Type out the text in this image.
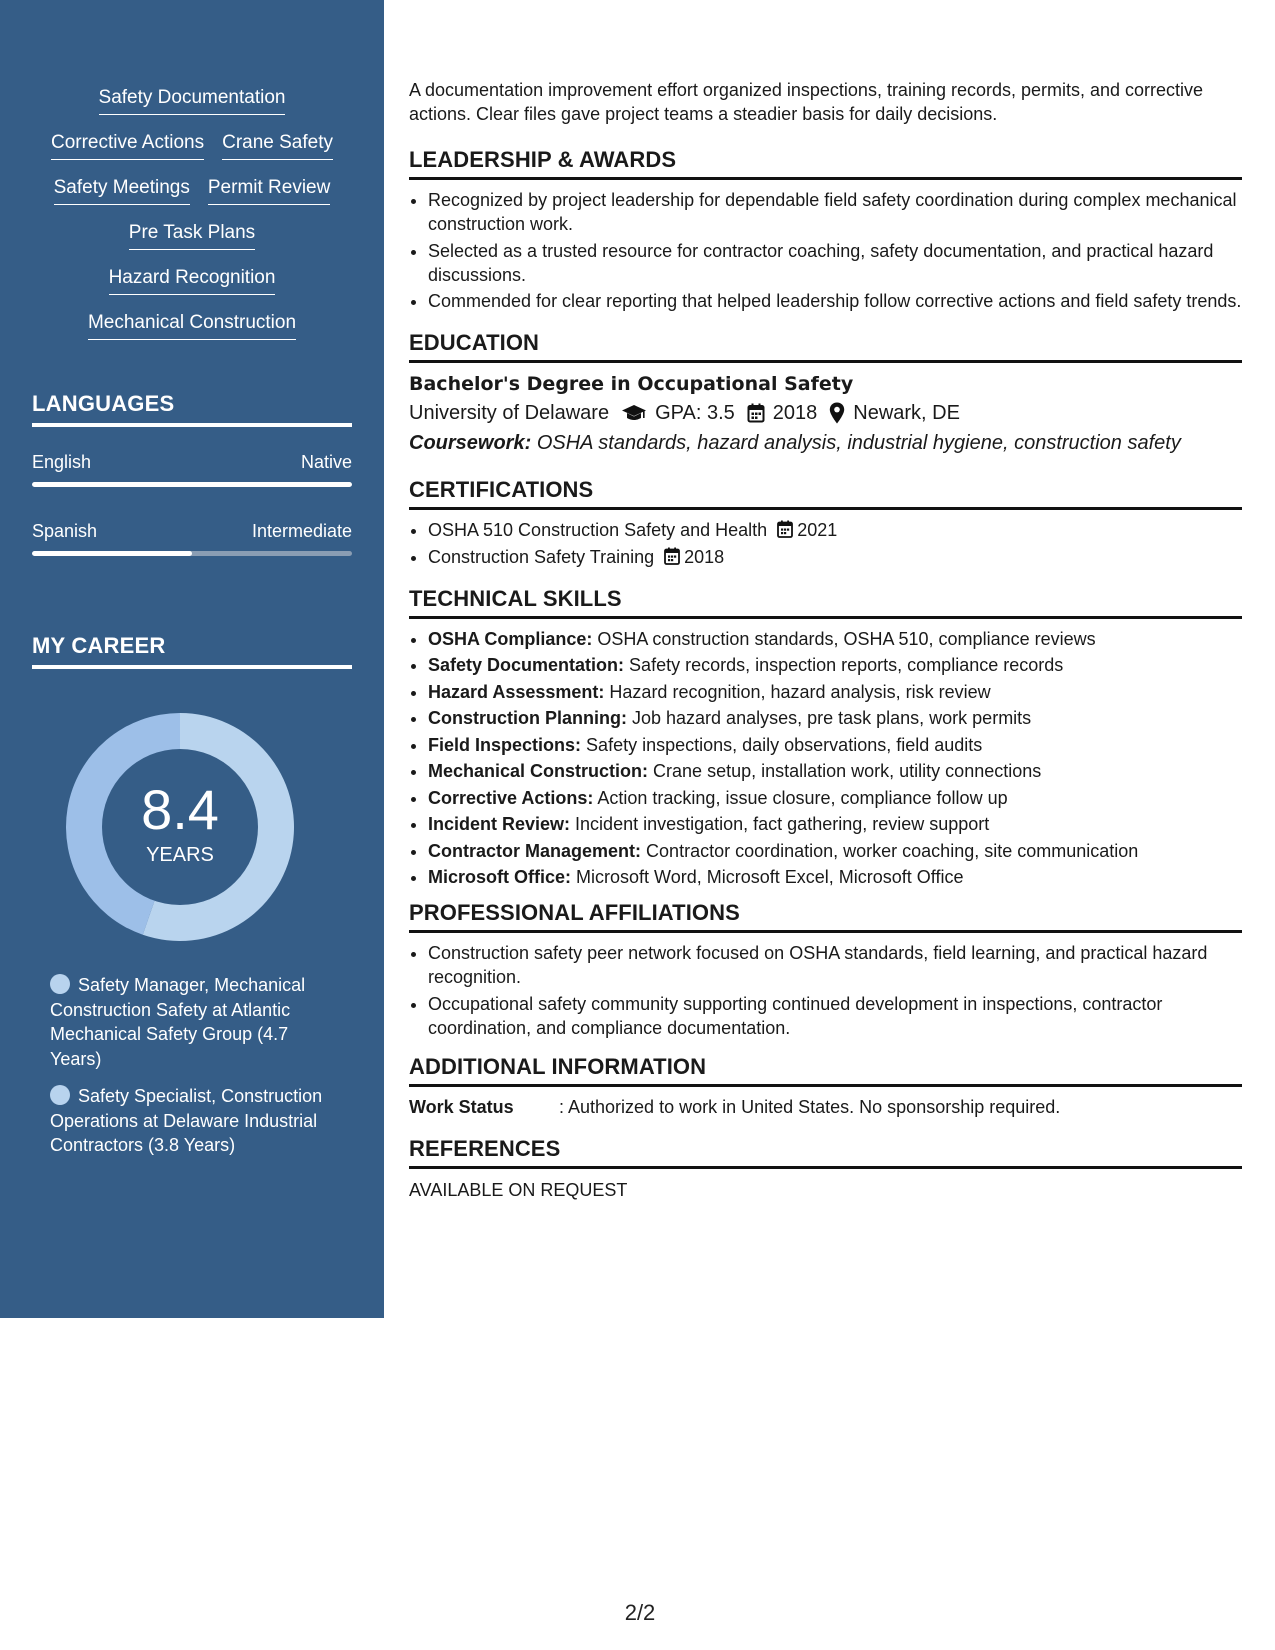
Safety Documentation
Corrective Actions Crane Safety
Safety Meetings Permit Review
Pre Task Plans
Hazard Recognition
Mechanical Construction
LANGUAGES
English	Native
Spanish	Intermediate
MY CAREER
8.4
YEARS
Safety Manager, Mechanical Construction Safety at Atlantic Mechanical Safety Group (4.7 Years)
Safety Specialist, Construction Operations at Delaware Industrial Contractors (3.8 Years)

A documentation improvement effort organized inspections, training records, permits, and corrective actions. Clear files gave project teams a steadier basis for daily decisions.

LEADERSHIP & AWARDS
• Recognized by project leadership for dependable field safety coordination during complex mechanical construction work.
• Selected as a trusted resource for contractor coaching, safety documentation, and practical hazard discussions.
• Commended for clear reporting that helped leadership follow corrective actions and field safety trends.
EDUCATION
Bachelor's Degree in Occupational Safety
University of Delaware GPA: 3.5 2018 Newark, DE
Coursework: OSHA standards, hazard analysis, industrial hygiene, construction safety
CERTIFICATIONS
• OSHA 510 Construction Safety and Health 2021
• Construction Safety Training 2018
TECHNICAL SKILLS
• OSHA Compliance: OSHA construction standards, OSHA 510, compliance reviews
• Safety Documentation: Safety records, inspection reports, compliance records
• Hazard Assessment: Hazard recognition, hazard analysis, risk review
• Construction Planning: Job hazard analyses, pre task plans, work permits
• Field Inspections: Safety inspections, daily observations, field audits
• Mechanical Construction: Crane setup, installation work, utility connections
• Corrective Actions: Action tracking, issue closure, compliance follow up
• Incident Review: Incident investigation, fact gathering, review support
• Contractor Management: Contractor coordination, worker coaching, site communication
• Microsoft Office: Microsoft Word, Microsoft Excel, Microsoft Office
PROFESSIONAL AFFILIATIONS
• Construction safety peer network focused on OSHA standards, field learning, and practical hazard recognition.
• Occupational safety community supporting continued development in inspections, contractor coordination, and compliance documentation.
ADDITIONAL INFORMATION
Work Status	: Authorized to work in United States. No sponsorship required.
REFERENCES

AVAILABLE ON REQUEST

2/2
